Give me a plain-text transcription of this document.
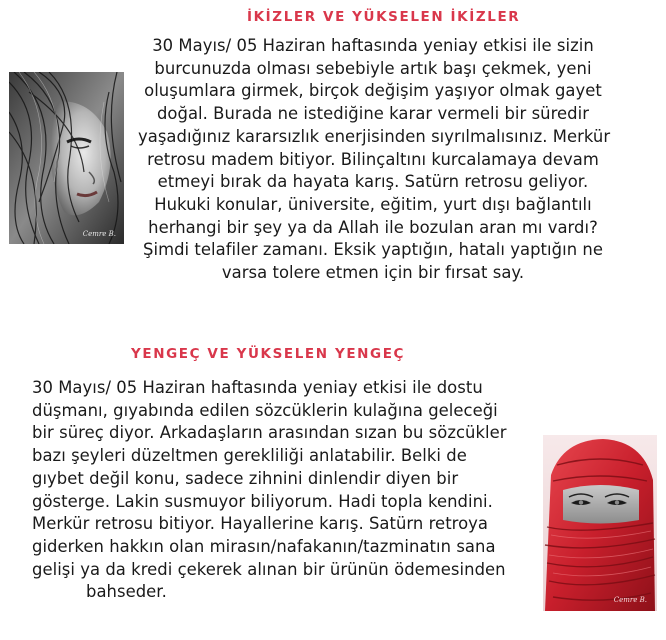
İKİZLER VE YÜKSELEN İKİZLER
Cemre B.
30 Mayıs/ 05 Haziran haftasında yeniay etkisi ile sizin
burcunuzda olması sebebiyle artık başı çekmek, yeni
oluşumlara girmek, birçok değişim yaşıyor olmak gayet
doğal. Burada ne istediğine karar vermeli bir süredir
yaşadığınız kararsızlık enerjisinden sıyrılmalısınız. Merkür
retrosu madem bitiyor. Bilinçaltını kurcalamaya devam
etmeyi bırak da hayata karış. Satürn retrosu geliyor.
Hukuki konular, üniversite, eğitim, yurt dışı bağlantılı
herhangi bir şey ya da Allah ile bozulan aran mı vardı?
Şimdi telafiler zamanı. Eksik yaptığın, hatalı yaptığın ne
varsa tolere etmen için bir fırsat say.
YENGEÇ VE YÜKSELEN YENGEÇ
30 Mayıs/ 05 Haziran haftasında yeniay etkisi ile dostu
düşmanı, gıyabında edilen sözcüklerin kulağına geleceği
bir süreç diyor. Arkadaşların arasından sızan bu sözcükler
bazı şeyleri düzeltmen gerekliliği anlatabilir. Belki de
gıybet değil konu, sadece zihnini dinlendir diyen bir
gösterge. Lakin susmuyor biliyorum. Hadi topla kendini.
Merkür retrosu bitiyor. Hayallerine karış. Satürn retroya
giderken hakkın olan mirasın/nafakanın/tazminatın sana
gelişi ya da kredi çekerek alınan bir ürünün ödemesinden
bahseder.	Cemre B.
